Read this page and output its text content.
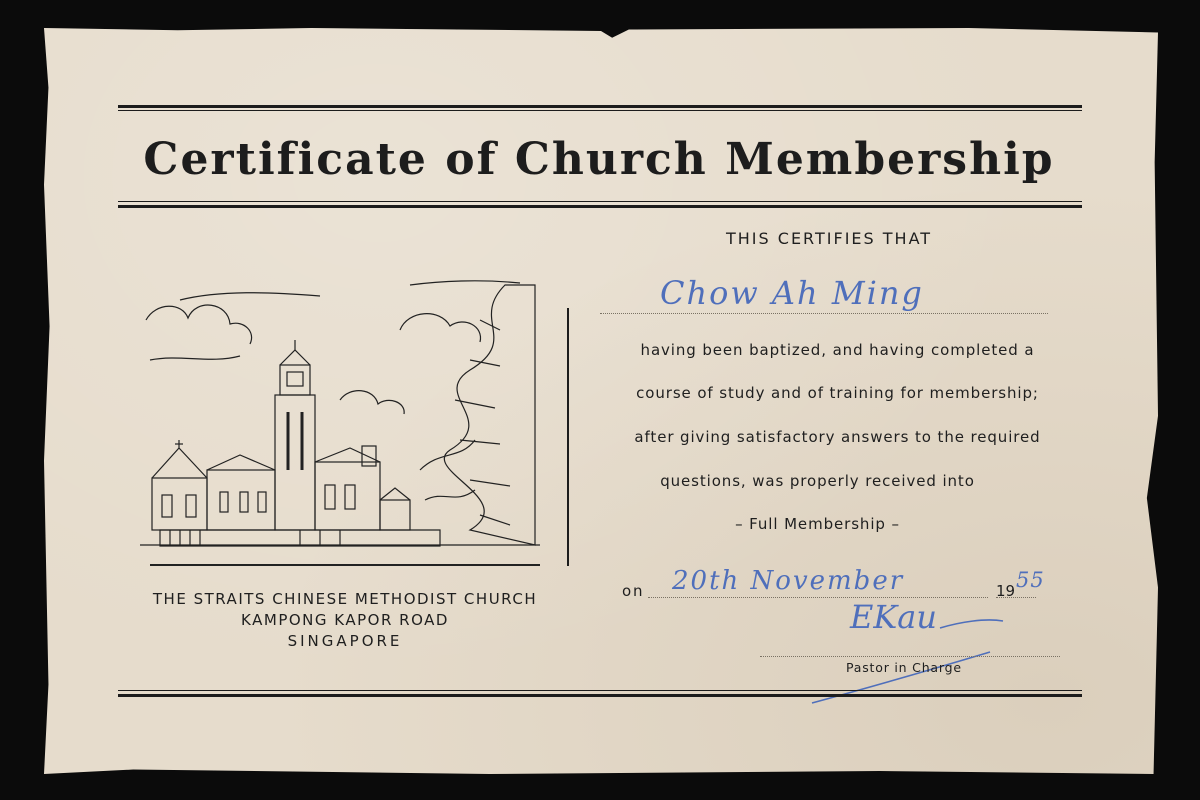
Certificate of Church Membership
THIS CERTIFIES THAT
Chow Ah Ming
having been baptized, and having completed a
course of study and of training for membership;
after giving satisfactory answers to the required
questions, was properly received into
– Full Membership –
on 20th November	19 55
EKau
Pastor in Charge
THE STRAITS CHINESE METHODIST CHURCH
KAMPONG KAPOR ROAD
SINGAPORE
